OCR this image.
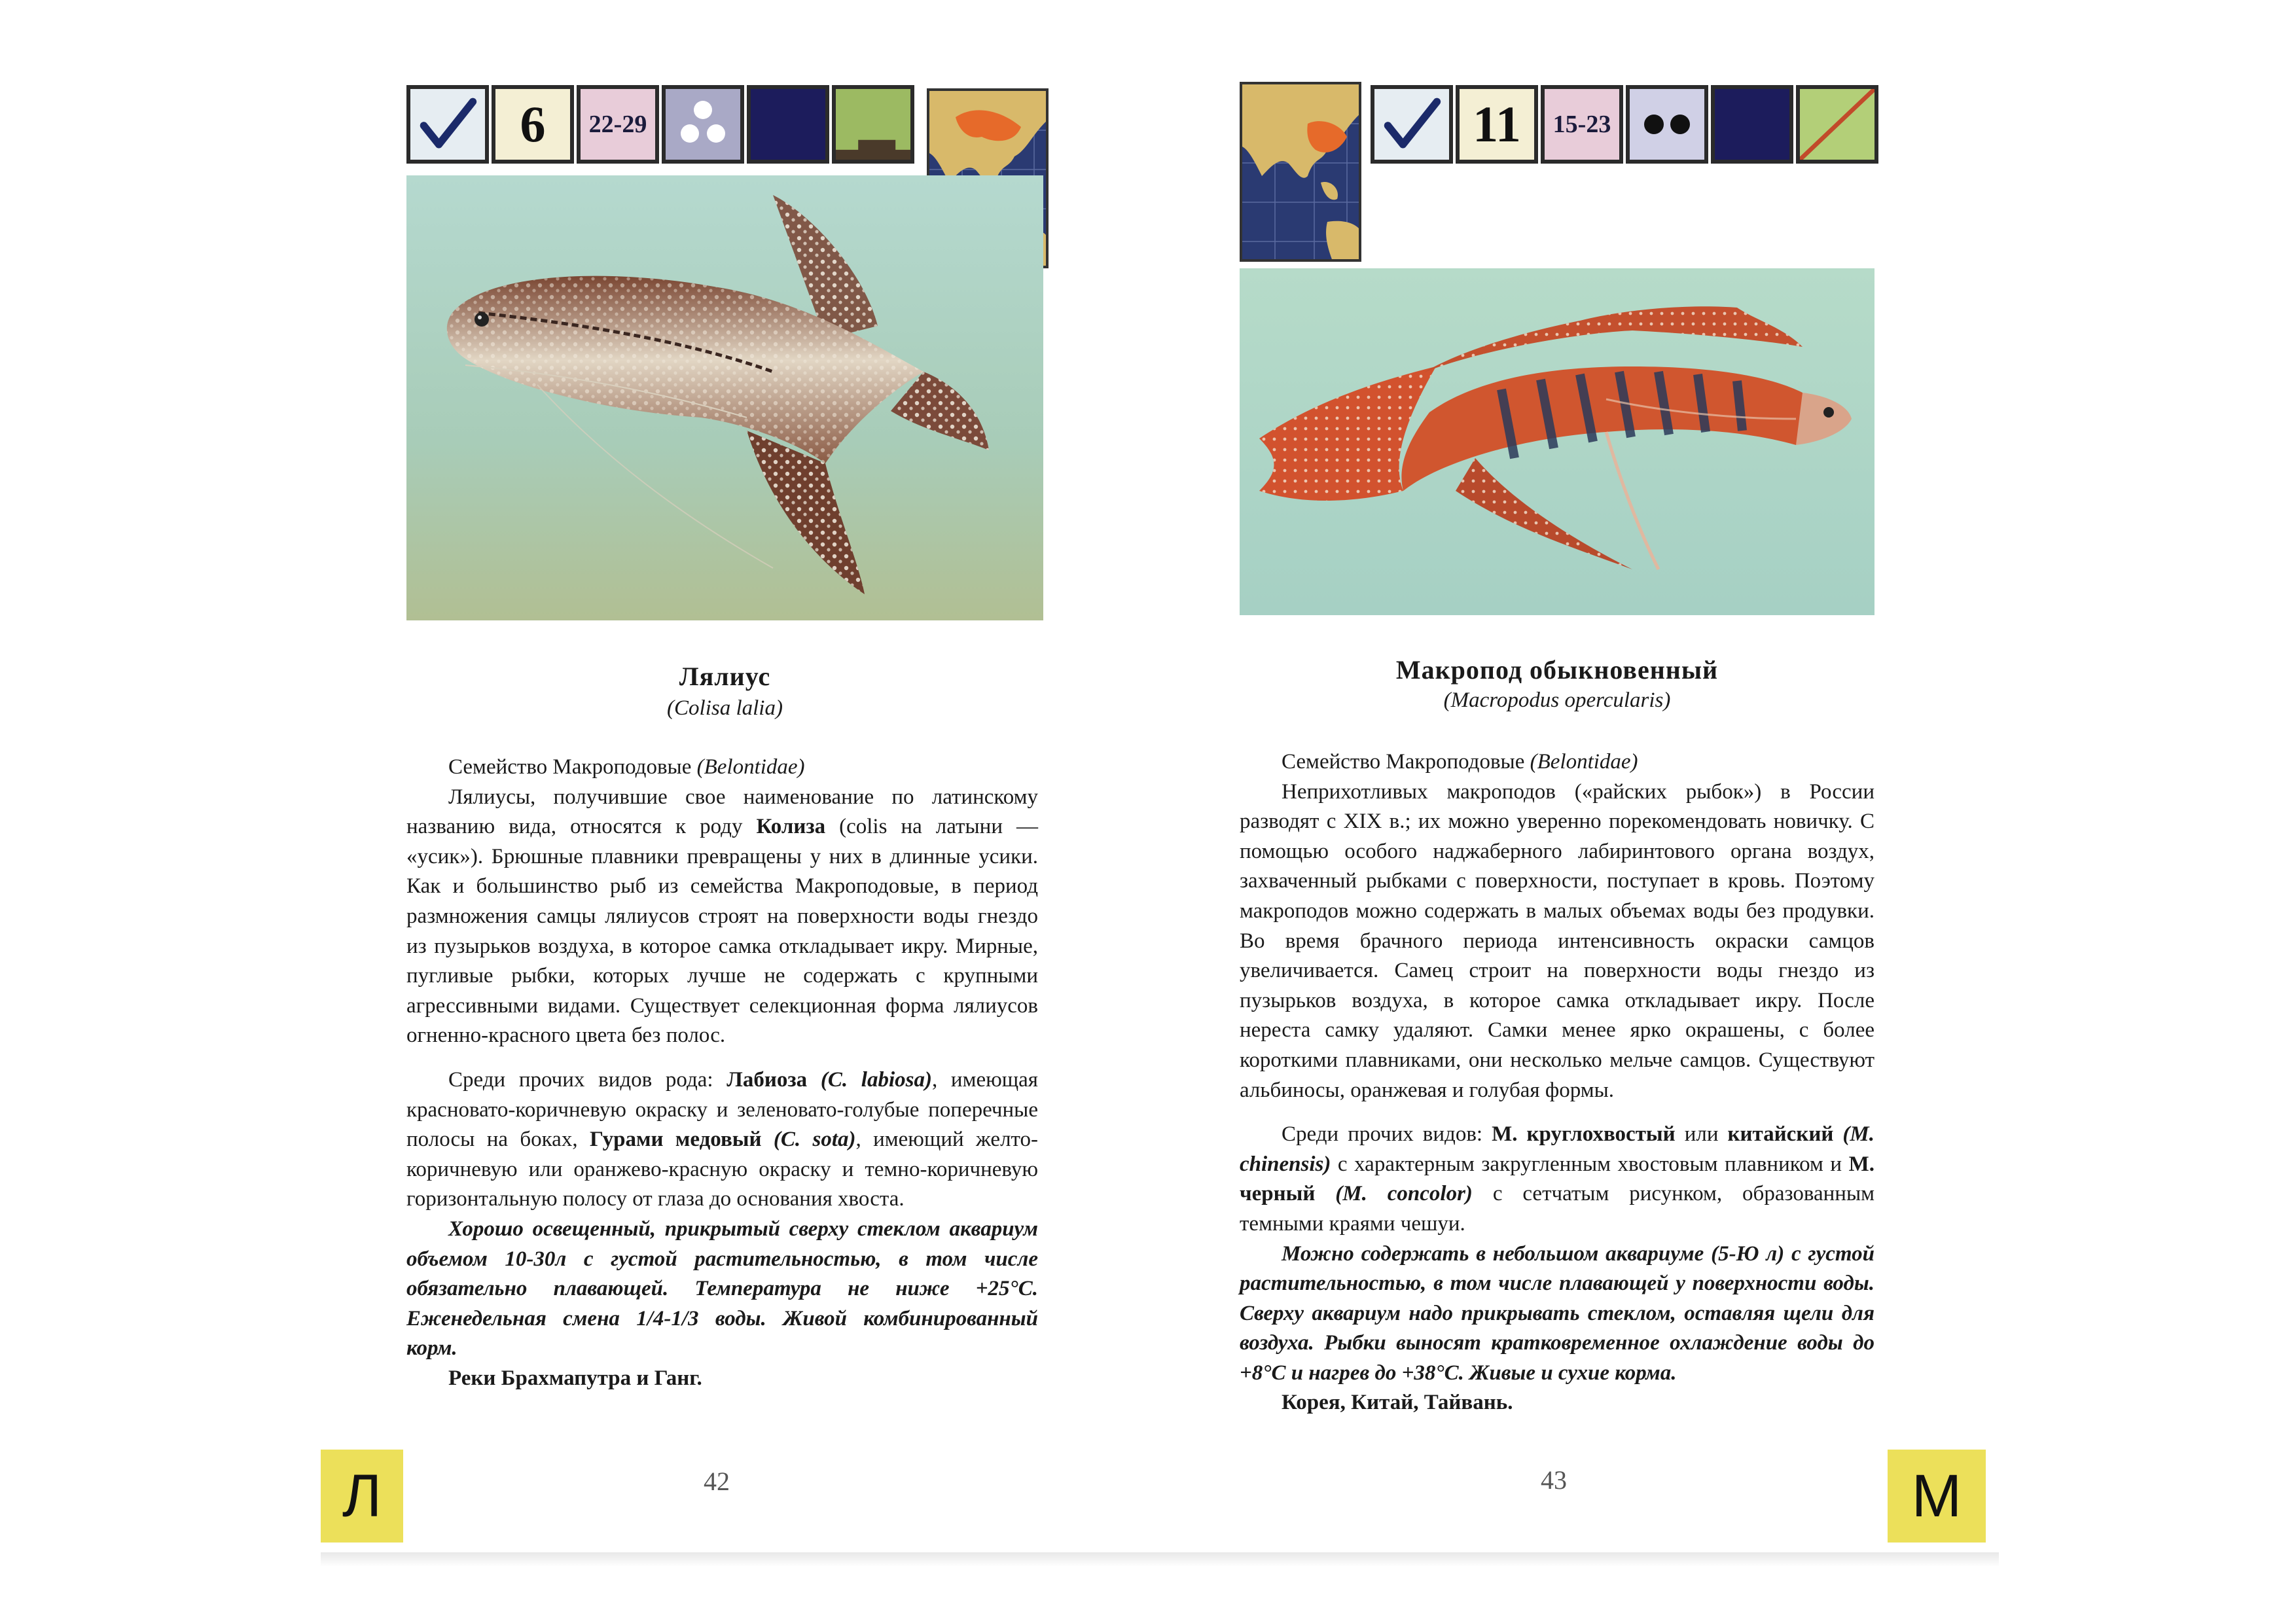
6	22-29
Лялиус
(Colisa lalia)

Семейство Макроподовые (Belontidae)

Лялиусы, получившие свое наименование по латинскому названию вида, относятся к роду Колиза (colis на латыни — «усик»). Брюшные плавники превращены у них в длинные усики. Как и большинство рыб из семейства Макроподовые, в период размножения самцы лялиусов строят на поверхности воды гнездо из пузырьков воздуха, в которое самка откладывает икру. Мирные, пугливые рыбки, которых лучше не содержать с крупными агрессивными видами. Существует селекционная форма лялиусов огненно-красного цвета без полос.

Среди прочих видов рода: Лабиоза (C. labiosa), имеющая красновато-коричневую окраску и зеленовато-голубые поперечные полосы на боках, Гурами медовый (C. sota), имеющий желто-коричневую или оранжево-красную окраску и темно-коричневую горизонтальную полосу от глаза до основания хвоста.

Хорошо освещенный, прикрытый сверху стеклом аквариум объемом 10-30л с густой растительностью, в том числе обязательно плавающей. Температура не ниже +25°С. Еженедельная смена 1/4-1/3 воды. Живой комбинированный корм.

Реки Брахмапутра и Ганг.

Л	42
11	15-23
Макропод обыкновенный
(Macropodus opercularis)

Семейство Макроподовые (Belontidae)

Неприхотливых макроподов («райских рыбок») в России разводят с XIX в.; их можно уверенно порекомендовать новичку. С помощью особого наджаберного лабиринтового органа воздух, захваченный рыбками с поверхности, поступает в кровь. Поэтому макроподов можно содержать в малых объемах воды без продувки. Во время брачного периода интенсивность окраски самцов увеличивается. Самец строит на поверхности воды гнездо из пузырьков воздуха, в которое самка откладывает икру. После нереста самку удаляют. Самки менее ярко окрашены, с более короткими плавниками, они несколько мельче самцов. Существуют альбиносы, оранжевая и голубая формы.

Среди прочих видов: М. круглохвостый или китайский (M. chinensis) с характерным закругленным хвостовым плавником и М. черный (M. concolor) с сетчатым рисунком, образованным темными краями чешуи.

Можно содержать в небольшом аквариуме (5-Ю л) с густой растительностью, в том числе плавающей у поверхности воды. Сверху аквариум надо прикрывать стеклом, оставляя щели для воздуха. Рыбки выносят кратковременное охлаждение воды до +8°С и нагрев до +38°С. Живые и сухие корма.

Корея, Китай, Тайвань.

43	М
